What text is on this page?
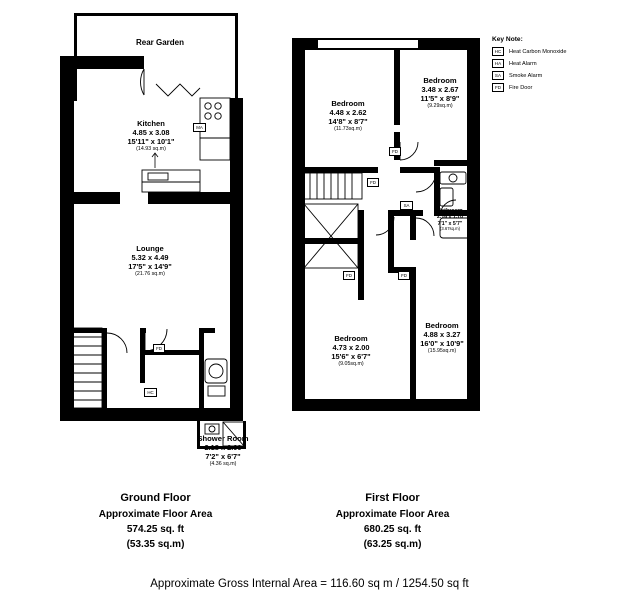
Rear Garden
Kitchen
4.85 x 3.08
15'11" x 10'1"
(14.93 sq.m)
Lounge
5.32 x 4.49
17'5" x 14'9"
(21.76 sq.m)
Shower Room
2.18 x 2.00
7'2" x 6'7"
(4.36 sq.m)
MA
FD
HC
Bedroom
4.48 x 2.62
14'8" x 8'7"
(11.73sq.m)
Bedroom
3.48 x 2.67
11'5" x 8'9"
(9.29sq.m)
Bathroom
2.16 x 1.70
7'1" x 5'7"
(3.67sq.m)
Bedroom
4.88 x 3.27
16'0" x 10'9"
(15.95sq.m)
Bedroom
4.73 x 2.00
15'6" x 6'7"
(9.05sq.m)
FD
FD
SA
FD	FD
Key Note:
HC	Heat Carbon Monoxide
HA	Heat Alarm
SA	Smoke Alarm
FD	Fire Door
Ground Floor
Approximate Floor Area
574.25 sq. ft
(53.35 sq.m)
First Floor
Approximate Floor Area
680.25 sq. ft
(63.25 sq.m)
Approximate Gross Internal Area = 116.60 sq m / 1254.50 sq ft
